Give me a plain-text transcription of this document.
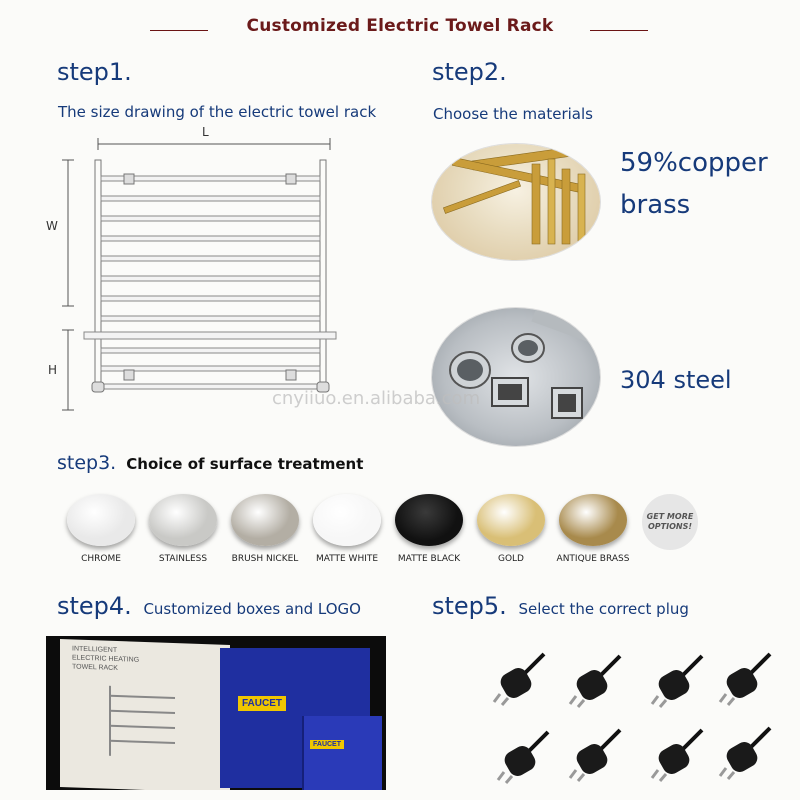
Customized Electric Towel Rack
step1.
The size drawing of the electric towel rack
L
W
H
step2.
Choose the materials
59%copper
brass
304 steel
cnyiiuo.en.alibaba.com
step3. Choice of surface treatment
CHROME	STAINLESS	BRUSH NICKEL	MATTE WHITE	MATTE BLACK	GOLD	ANTIQUE BRASS
GET MORE OPTIONS!
step4. Customized boxes and LOGO
INTELLIGENT
ELECTRIC HEATING
TOWEL RACK
FAUCET
FAUCET
step5. Select the correct plug
